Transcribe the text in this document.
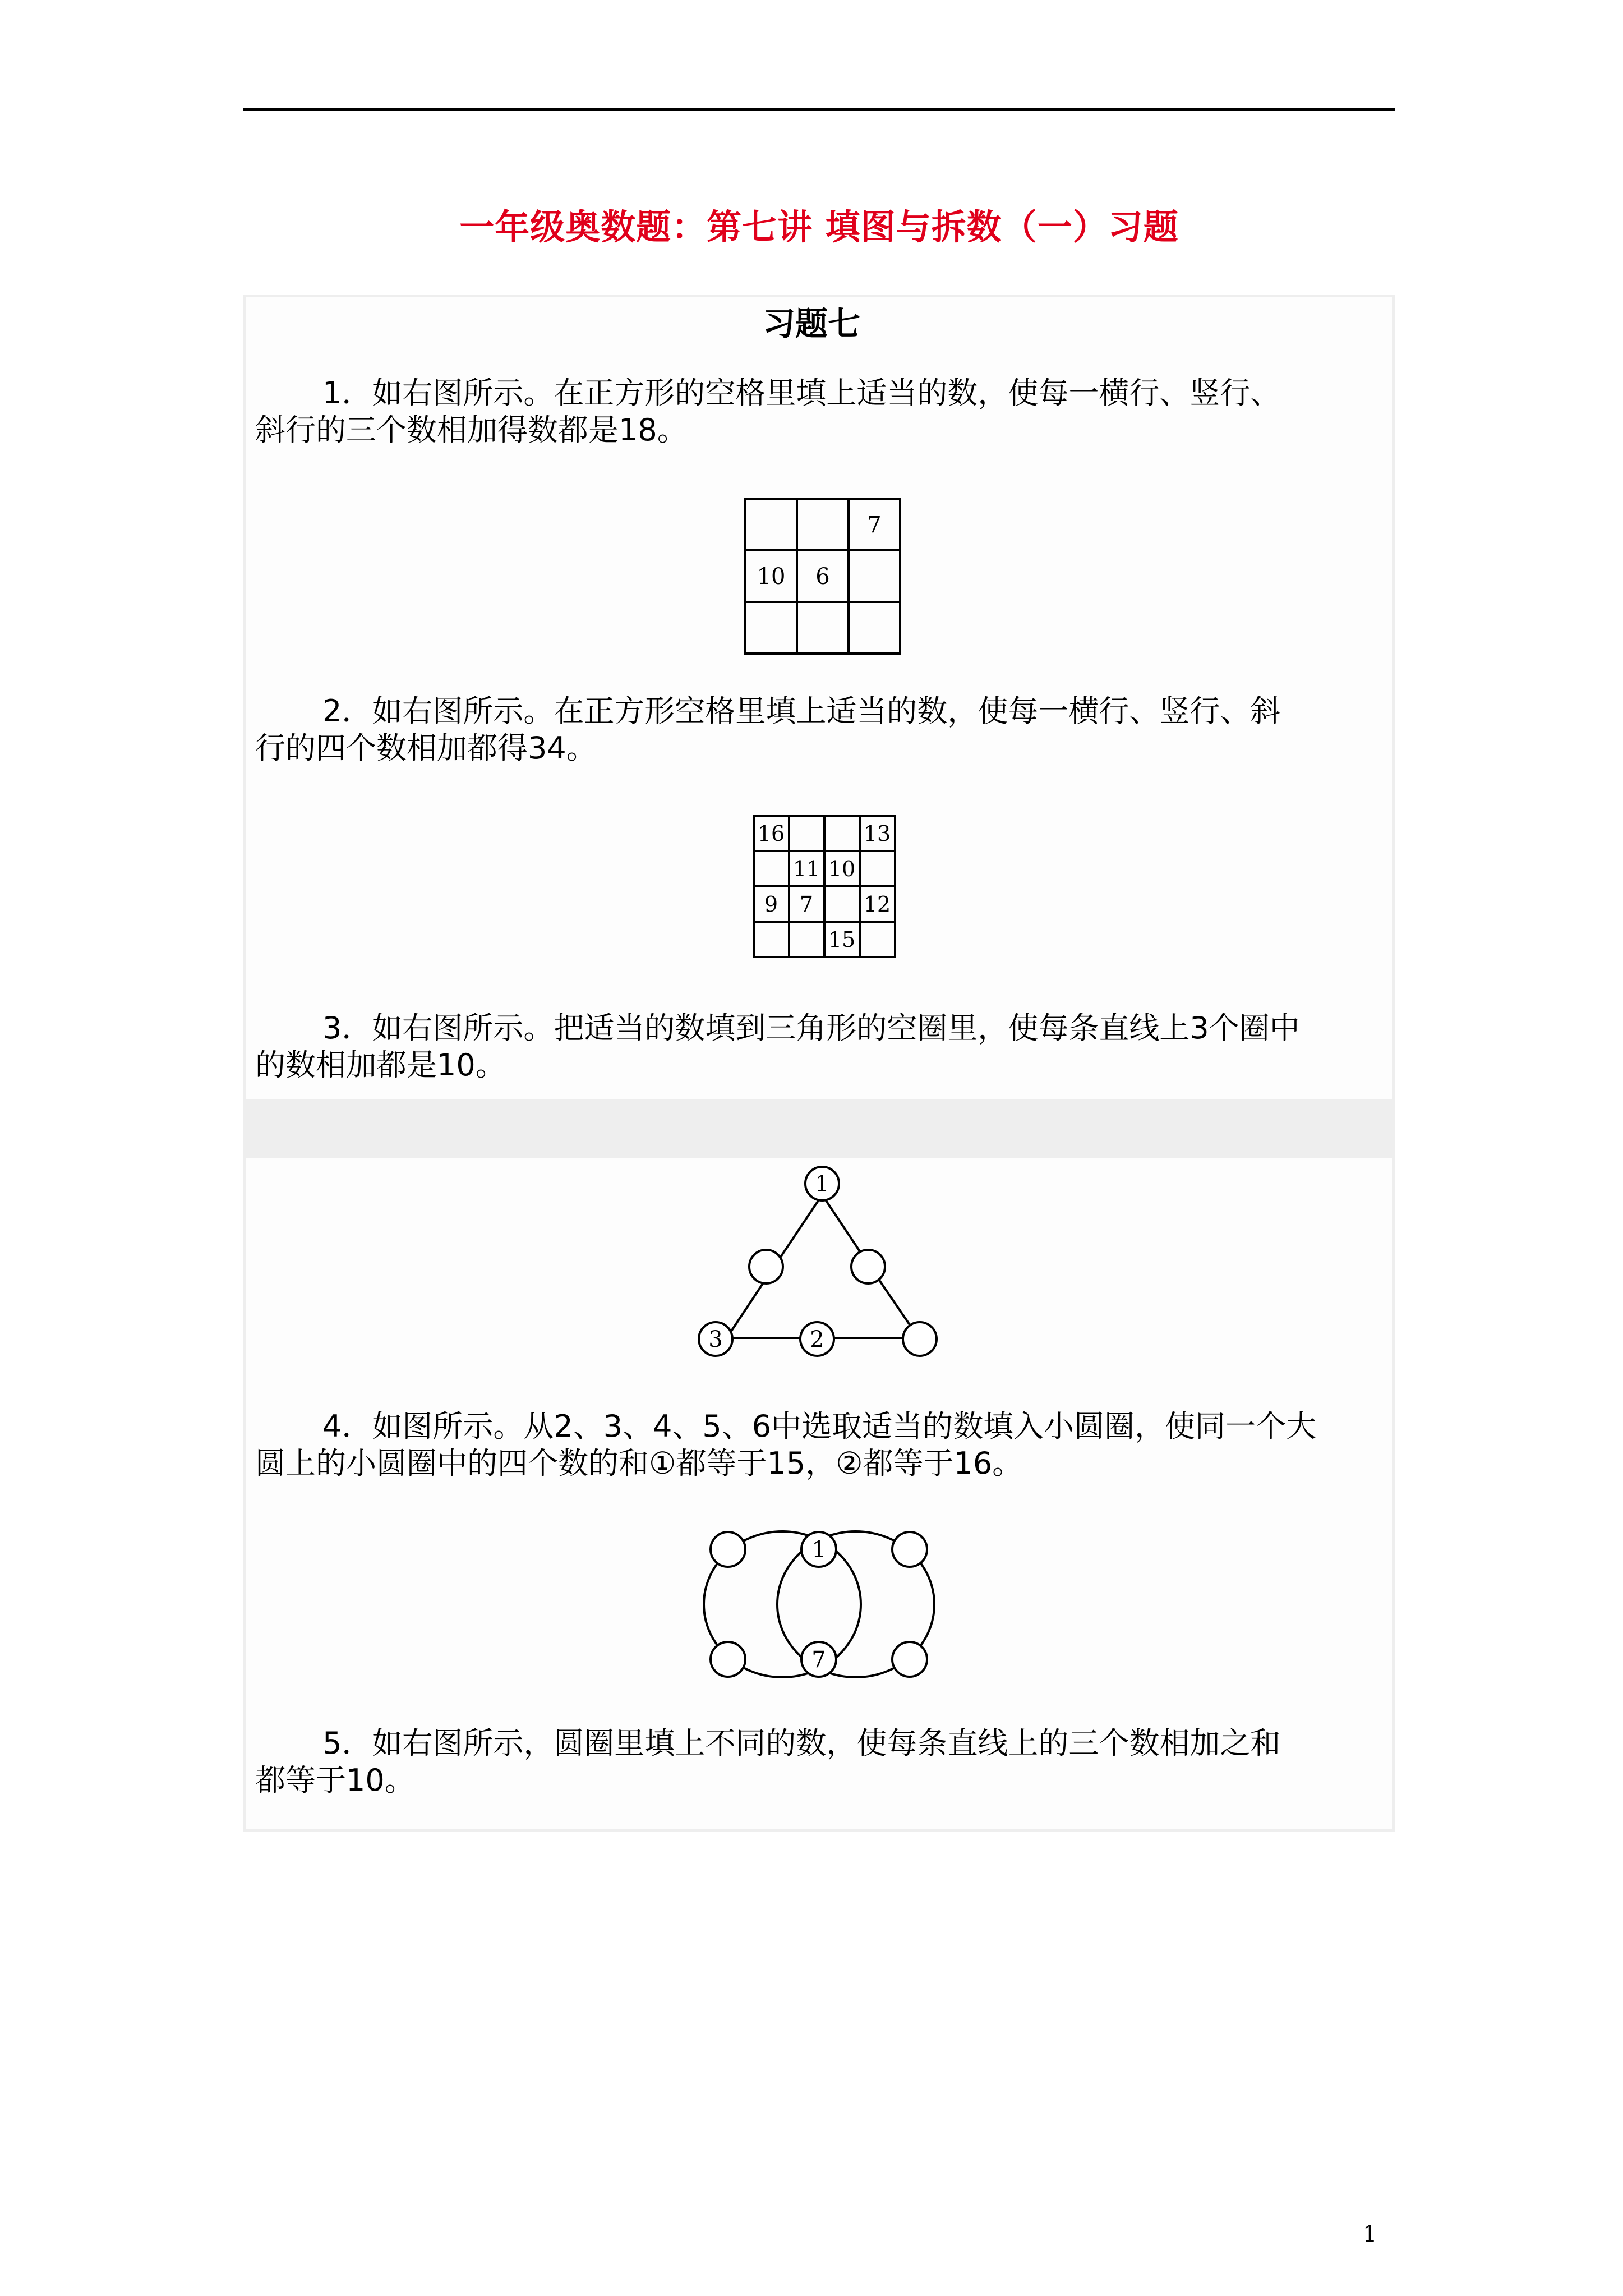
一年级奥数题：第七讲 填图与拆数（一）习题
习题七
1．如右图所示。在正方形的空格里填上适当的数，使每一横行、竖行、
斜行的三个数相加得数都是18。
7
10 6
2．如右图所示。在正方形空格里填上适当的数，使每一横行、竖行、斜
行的四个数相加都得34。
16	13
11 10
9 7 12
15
3．如右图所示。把适当的数填到三角形的空圈里，使每条直线上3个圈中
的数相加都是10。
1
3	2
4．如图所示。从2、3、4、5、6中选取适当的数填入小圆圈，使同一个大
圆上的小圆圈中的四个数的和①都等于15，②都等于16。
1
7
5．如右图所示，圆圈里填上不同的数，使每条直线上的三个数相加之和
都等于10。
1
